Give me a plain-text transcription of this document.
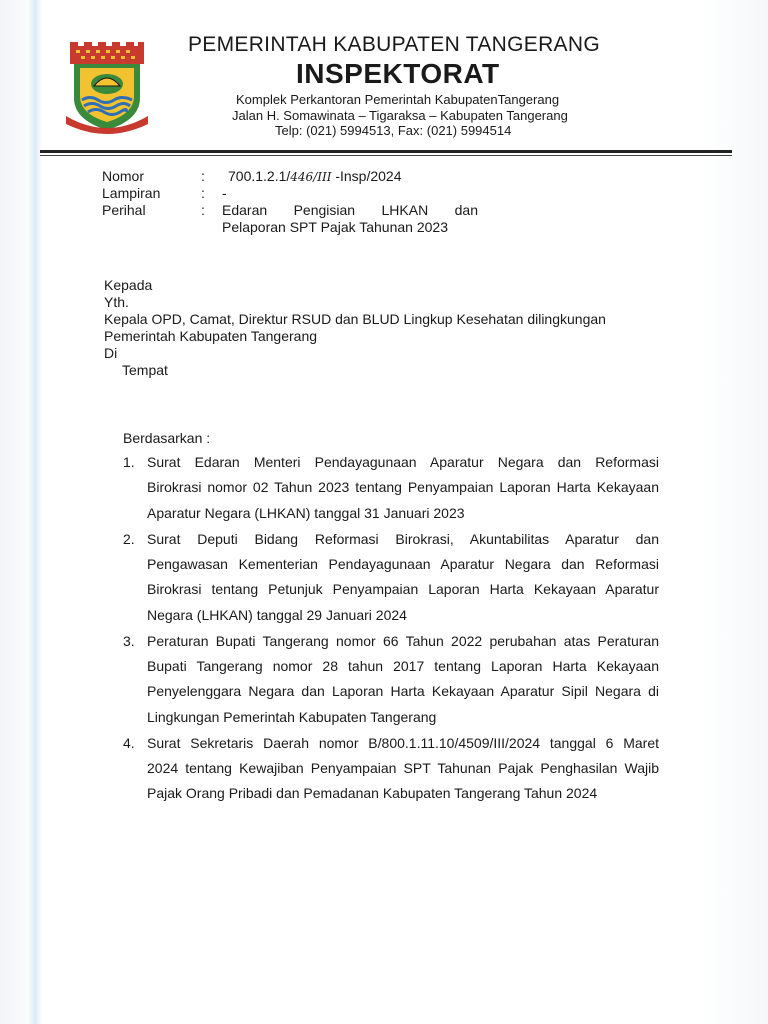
PEMERINTAH KABUPATEN TANGERANG
INSPEKTORAT
Komplek Perkantoran Pemerintah KabupatenTangerang
Jalan H. Somawinata – Tigaraksa – Kabupaten Tangerang
Telp: (021) 5994513, Fax: (021) 5994514
Nomor	: 700.1.2.1/446/III -Insp/2024
Lampiran	: -
Perihal	: Edaran Pengisian LHKAN dan
Pelaporan SPT Pajak Tahunan 2023
Kepada
Yth.
Kepala OPD, Camat, Direktur RSUD dan BLUD Lingkup Kesehatan dilingkungan
Pemerintah Kabupaten Tangerang
Di
Tempat
Berdasarkan :
1. Surat Edaran Menteri Pendayagunaan Aparatur Negara dan Reformasi
Birokrasi nomor 02 Tahun 2023 tentang Penyampaian Laporan Harta Kekayaan
Aparatur Negara (LHKAN) tanggal 31 Januari 2023
2. Surat Deputi Bidang Reformasi Birokrasi, Akuntabilitas Aparatur dan
Pengawasan Kementerian Pendayagunaan Aparatur Negara dan Reformasi
Birokrasi tentang Petunjuk Penyampaian Laporan Harta Kekayaan Aparatur
Negara (LHKAN) tanggal 29 Januari 2024
3. Peraturan Bupati Tangerang nomor 66 Tahun 2022 perubahan atas Peraturan
Bupati Tangerang nomor 28 tahun 2017 tentang Laporan Harta Kekayaan
Penyelenggara Negara dan Laporan Harta Kekayaan Aparatur Sipil Negara di
Lingkungan Pemerintah Kabupaten Tangerang
4. Surat Sekretaris Daerah nomor B/800.1.11.10/4509/III/2024 tanggal 6 Maret
2024 tentang Kewajiban Penyampaian SPT Tahunan Pajak Penghasilan Wajib
Pajak Orang Pribadi dan Pemadanan Kabupaten Tangerang Tahun 2024
